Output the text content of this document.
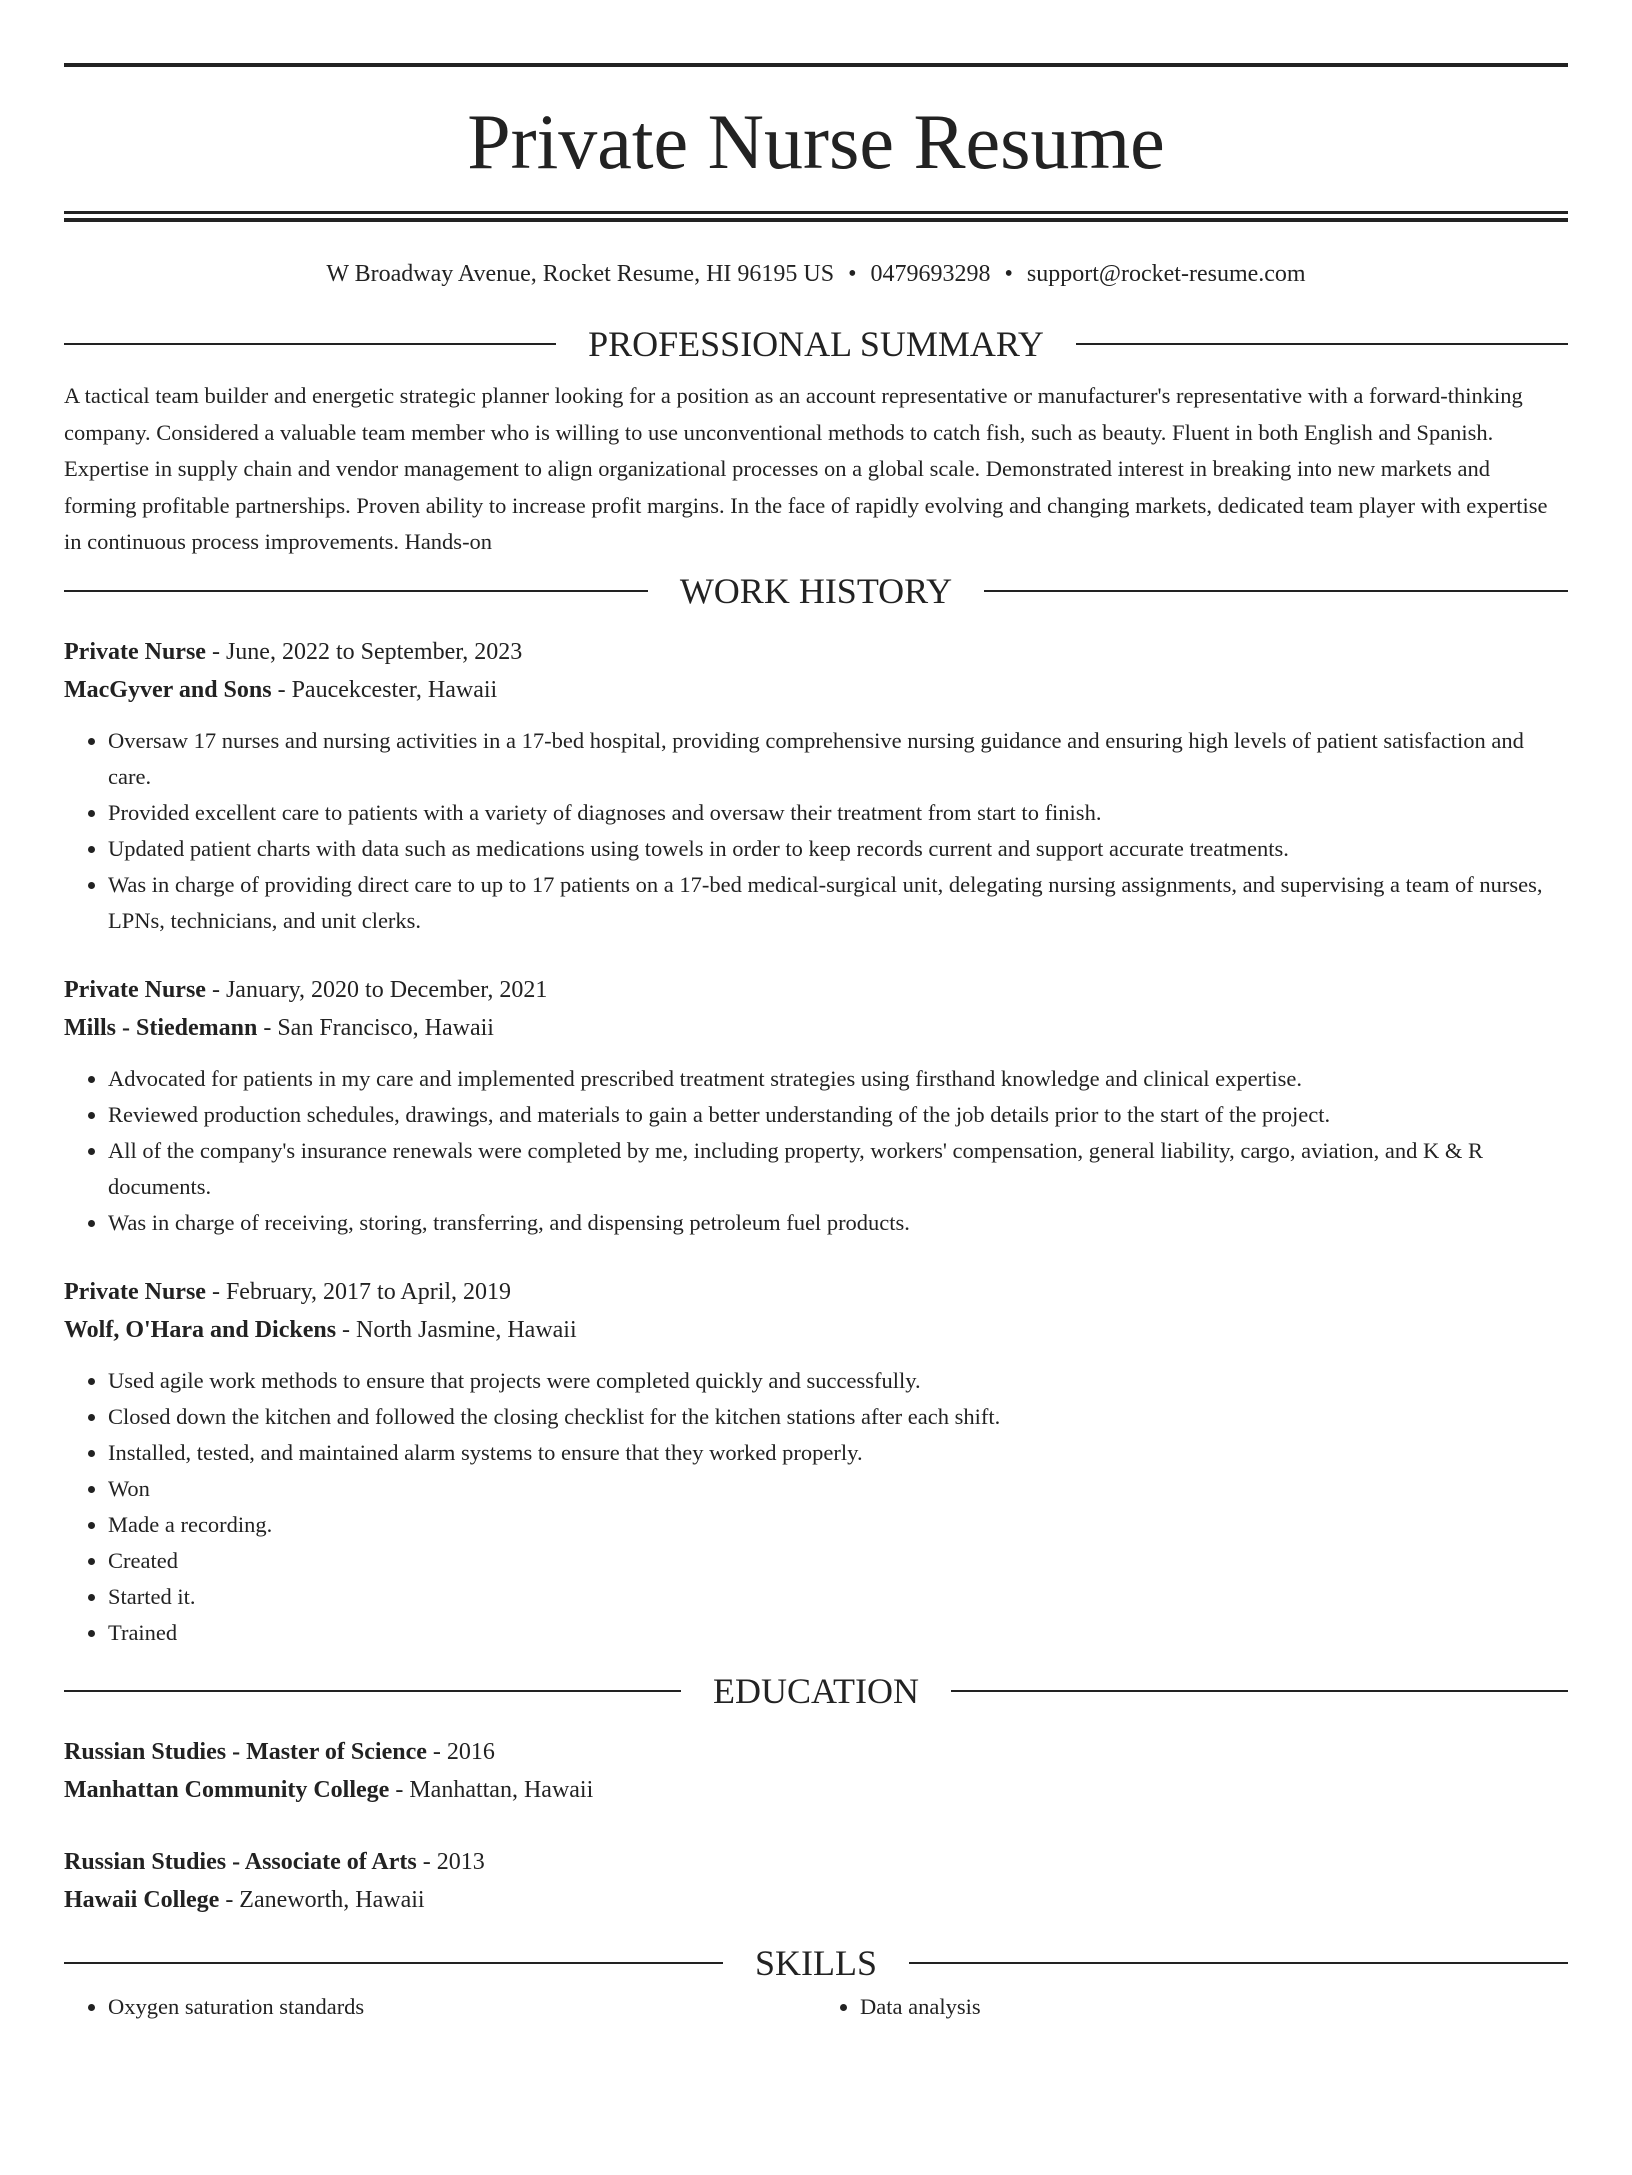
Private Nurse Resume
W Broadway Avenue, Rocket Resume, HI 96195 US • 0479693298 • support@rocket-resume.com
PROFESSIONAL SUMMARY

A tactical team builder and energetic strategic planner looking for a position as an account representative or manufacturer's representative with a forward-thinking company. Considered a valuable team member who is willing to use unconventional methods to catch fish, such as beauty. Fluent in both English and Spanish. Expertise in supply chain and vendor management to align organizational processes on a global scale. Demonstrated interest in breaking into new markets and forming profitable partnerships. Proven ability to increase profit margins. In the face of rapidly evolving and changing markets, dedicated team player with expertise in continuous process improvements. Hands-on

WORK HISTORY

Private Nurse - June, 2022 to September, 2023

MacGyver and Sons - Paucekcester, Hawaii

• Oversaw 17 nurses and nursing activities in a 17-bed hospital, providing comprehensive nursing guidance and ensuring high levels of patient satisfaction and care.
• Provided excellent care to patients with a variety of diagnoses and oversaw their treatment from start to finish.
• Updated patient charts with data such as medications using towels in order to keep records current and support accurate treatments.
• Was in charge of providing direct care to up to 17 patients on a 17-bed medical-surgical unit, delegating nursing assignments, and supervising a team of nurses, LPNs, technicians, and unit clerks.

Private Nurse - January, 2020 to December, 2021

Mills - Stiedemann - San Francisco, Hawaii

• Advocated for patients in my care and implemented prescribed treatment strategies using firsthand knowledge and clinical expertise.
• Reviewed production schedules, drawings, and materials to gain a better understanding of the job details prior to the start of the project.
• All of the company's insurance renewals were completed by me, including property, workers' compensation, general liability, cargo, aviation, and K & R documents.
• Was in charge of receiving, storing, transferring, and dispensing petroleum fuel products.

Private Nurse - February, 2017 to April, 2019

Wolf, O'Hara and Dickens - North Jasmine, Hawaii

• Used agile work methods to ensure that projects were completed quickly and successfully.
• Closed down the kitchen and followed the closing checklist for the kitchen stations after each shift.
• Installed, tested, and maintained alarm systems to ensure that they worked properly.
• Won
• Made a recording.
• Created
• Started it.
• Trained
EDUCATION

Russian Studies - Master of Science - 2016

Manhattan Community College - Manhattan, Hawaii

Russian Studies - Associate of Arts - 2013

Hawaii College - Zaneworth, Hawaii

SKILLS
• Oxygen saturation standards
•	Data analysis
